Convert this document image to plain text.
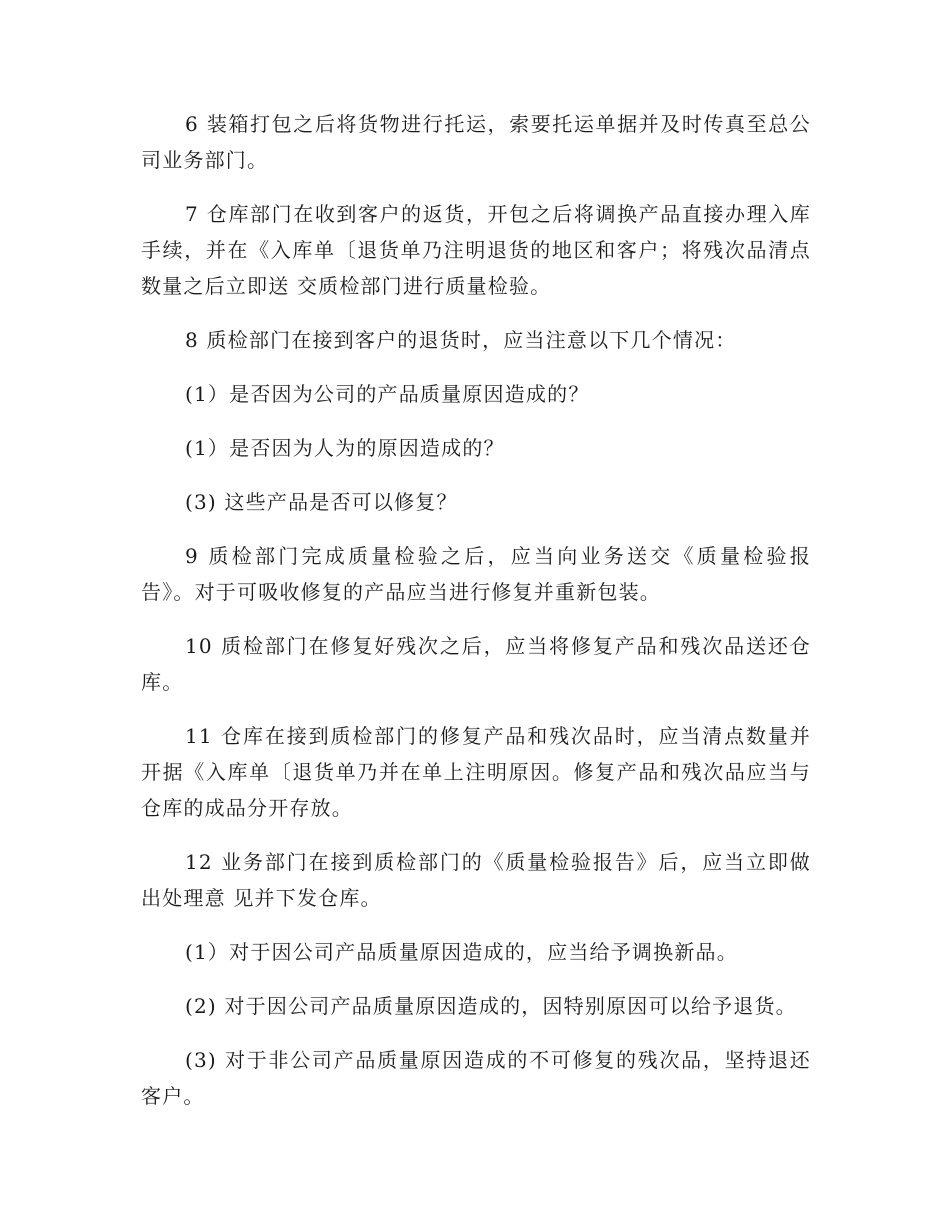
6 装箱打包之后将货物进行托运，索要托运单据并及时传真至总公司业务部门。

7 仓库部门在收到客户的返货，开包之后将调换产品直接办理入库手续，并在《入库单〔退货单乃注明退货的地区和客户；将残次品清点数量之后立即送 交质检部门进行质量检验。

8 质检部门在接到客户的退货时，应当注意以下几个情况：

(1）是否因为公司的产品质量原因造成的？

(1）是否因为人为的原因造成的？

(3) 这些产品是否可以修复？

9 质检部门完成质量检验之后，应当向业务送交《质量检验报告》。对于可吸收修复的产品应当进行修复并重新包装。

10 质检部门在修复好残次之后，应当将修复产品和残次品送还仓库。

11 仓库在接到质检部门的修复产品和残次品时，应当清点数量并开据《入库单〔退货单乃并在单上注明原因。修复产品和残次品应当与仓库的成品分开存放。

12 业务部门在接到质检部门的《质量检验报告》后，应当立即做出处理意 见并下发仓库。

(1）对于因公司产品质量原因造成的，应当给予调换新品。

(2) 对于因公司产品质量原因造成的，因特别原因可以给予退货。

(3) 对于非公司产品质量原因造成的不可修复的残次品，坚持退还客户。
